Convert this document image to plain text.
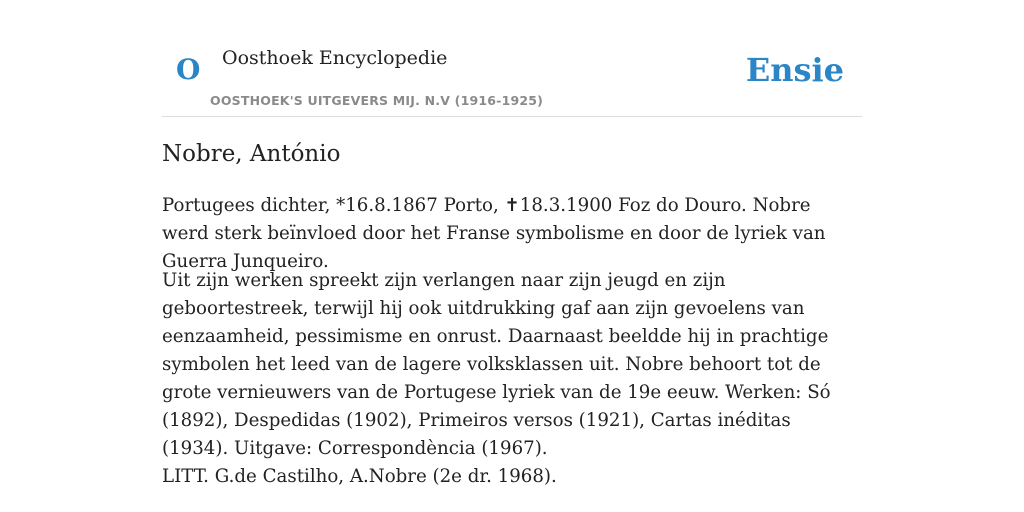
O Oosthoek Encyclopedie	Ensie
OOSTHOEK'S UITGEVERS MIJ. N.V (1916-1925)
Nobre, António

Portugees dichter, *16.8.1867 Porto, ✝18.3.1900 Foz do Douro. Nobre werd sterk beïnvloed door het Franse symbolisme en door de lyriek van Guerra Junqueiro.

Uit zijn werken spreekt zijn verlangen naar zijn jeugd en zijn geboortestreek, terwijl hij ook uitdrukking gaf aan zijn gevoelens van eenzaamheid, pessimisme en onrust. Daarnaast beeldde hij in prachtige symbolen het leed van de lagere volksklassen uit. Nobre behoort tot de grote vernieuwers van de Portugese lyriek van de 19e eeuw. Werken: Só (1892), Despedidas (1902), Primeiros versos (1921), Cartas inéditas (1934). Uitgave: Correspondència (1967).

LITT. G.de Castilho, A.Nobre (2e dr. 1968).
